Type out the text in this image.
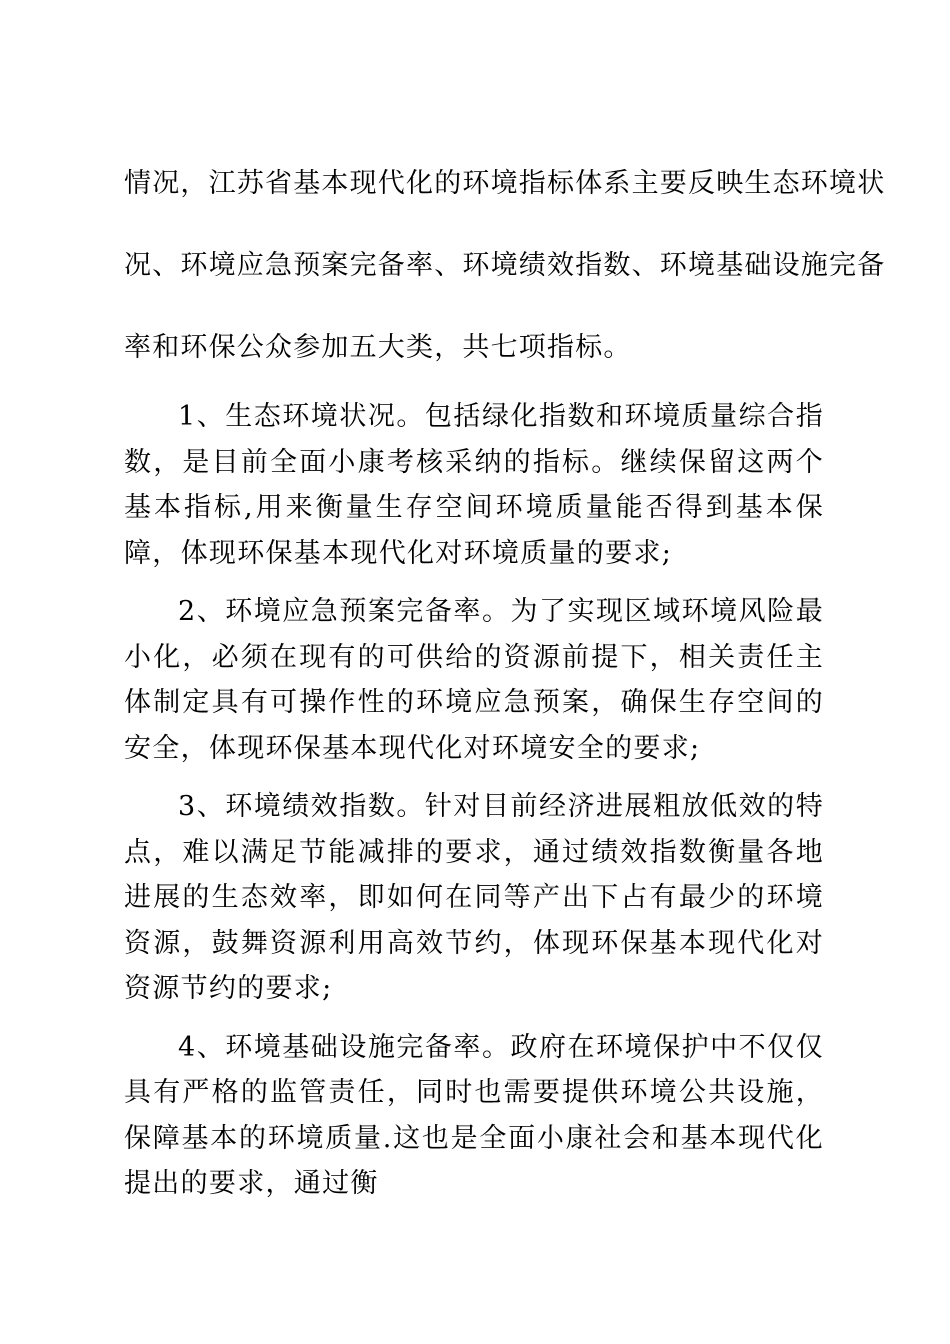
情况，江苏省基本现代化的环境指标体系主要反映生态环境状
况、环境应急预案完备率、环境绩效指数、环境基础设施完备
率和环保公众参加五大类，共七项指标。

1、生态环境状况。包括绿化指数和环境质量综合指数，是目前全面小康考核采纳的指标。继续保留这两个基本指标,用来衡量生存空间环境质量能否得到基本保障，体现环保基本现代化对环境质量的要求;

2、环境应急预案完备率。为了实现区域环境风险最小化，必须在现有的可供给的资源前提下，相关责任主体制定具有可操作性的环境应急预案，确保生存空间的安全，体现环保基本现代化对环境安全的要求;

3、环境绩效指数。针对目前经济进展粗放低效的特点，难以满足节能减排的要求，通过绩效指数衡量各地进展的生态效率，即如何在同等产出下占有最少的环境资源，鼓舞资源利用高效节约，体现环保基本现代化对资源节约的要求;

4、环境基础设施完备率。政府在环境保护中不仅仅具有严格的监管责任，同时也需要提供环境公共设施，保障基本的环境质量.这也是全面小康社会和基本现代化提出的要求，通过衡
